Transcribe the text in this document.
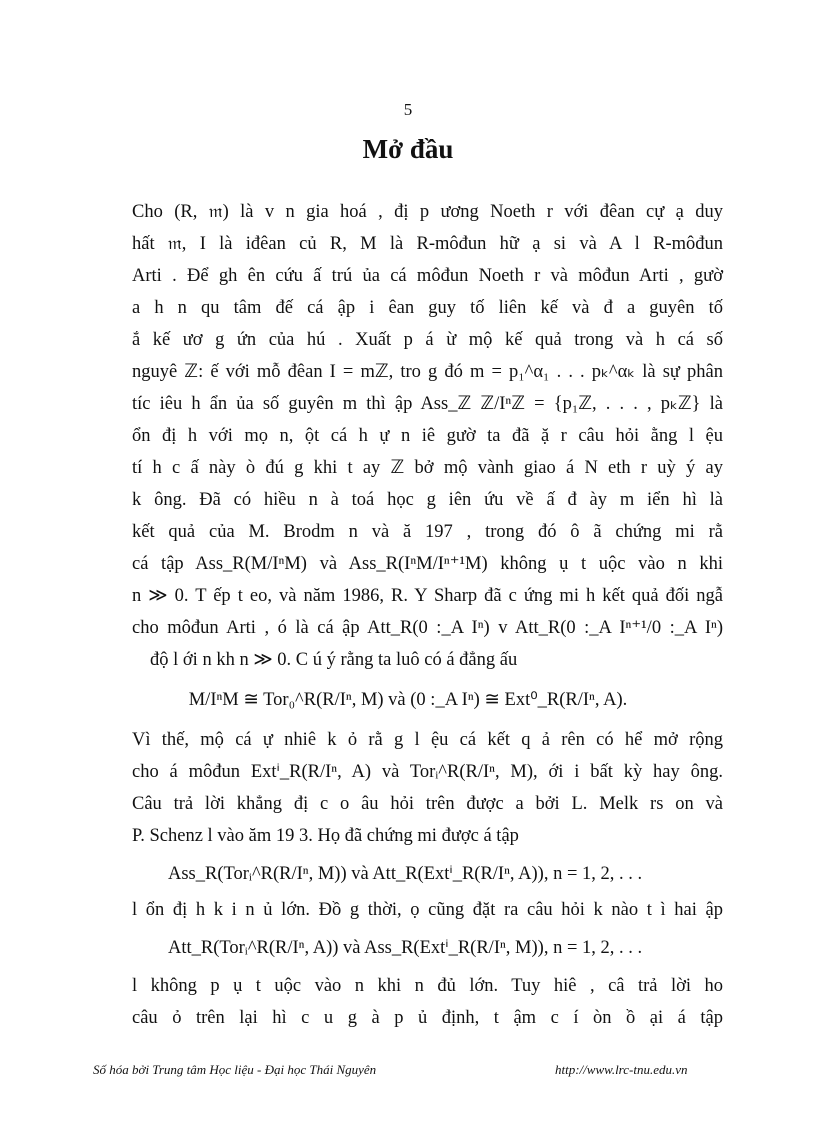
5
Mở đầu
Cho (R, 𝔪) là v n gia hoá , đị p ương Noeth r với đêan cự ạ duy
hất 𝔪, I là iđêan củ R, M là R-môđun hữ ạ si và A l R-môđun
Arti . Để gh ên cứu ấ trú ủa cá môđun Noeth r và môđun Arti , gườ
a h n qu tâm đế cá ập i êan guy tố liên kế và đ a guyên tố
ắ kế ươ g ứn của hú . Xuất p á ừ mộ kế quả trong và h cá số
nguyê ℤ: ế với mỗ đêan I = mℤ, tro g đó m = p₁^α₁ . . . pₖ^αₖ là sự phân
tíc iêu h ẩn ủa số guyên m thì ập Ass_ℤ ℤ/Iⁿℤ = {p₁ℤ, . . . , pₖℤ} là
ổn đị h với mọ n, ột cá h ự n iê gườ ta đã ặ r câu hỏi ằng l ệu
tí h c ấ này ò đú g khi t ay ℤ bở mộ vành giao á N eth r uỳ ý ay
k ông. Đã có hiều n à toá học g iên ứu về ấ đ ày m iển hì là
kết quả của M. Brodm n và ă 197 , trong đó ô ã chứng mi rằ
cá tập Ass_R(M/IⁿM) và Ass_R(IⁿM/Iⁿ⁺¹M) không ụ t uộc vào n khi
n ≫ 0. T ếp t eo, và năm 1986, R. Y Sharp đã c ứng mi h kết quả đối ngẫ
cho môđun Arti , ó là cá ập Att_R(0 :_A Iⁿ) v Att_R(0 :_A Iⁿ⁺¹/0 :_A Iⁿ)
độ l ới n kh n ≫ 0. C ú ý rằng ta luô có á đẳng ấu
M/IⁿM ≅ Tor₀^R(R/Iⁿ, M) và (0 :_A Iⁿ) ≅ Ext⁰_R(R/Iⁿ, A).
Vì thế, mộ cá ự nhiê k ỏ rằ g l ệu cá kết q ả rên có hể mở rộng
cho á môđun Extⁱ_R(R/Iⁿ, A) và Torᵢ^R(R/Iⁿ, M), ới i bất kỳ hay ông.
Câu trả lời khẳng đị c o âu hỏi trên được a bởi L. Melk rs on và
P. Schenz l vào ăm 19 3. Họ đã chứng mi được á tập
Ass_R(Torᵢ^R(R/Iⁿ, M)) và Att_R(Extⁱ_R(R/Iⁿ, A)), n = 1, 2, . . .
l ổn đị h k i n ủ lớn. Đồ g thời, ọ cũng đặt ra câu hỏi k nào t ì hai ập
Att_R(Torᵢ^R(R/Iⁿ, A)) và Ass_R(Extⁱ_R(R/Iⁿ, M)), n = 1, 2, . . .
l không p ụ t uộc vào n khi n đủ lớn. Tuy hiê , câ trả lời ho
câu ỏ trên lại hì c u g à p ủ định, t ậm c í òn ồ ại á tập
Số hóa bởi Trung tâm Học liệu - Đại học Thái Nguyên	http://www.lrc-tnu.edu.vn
